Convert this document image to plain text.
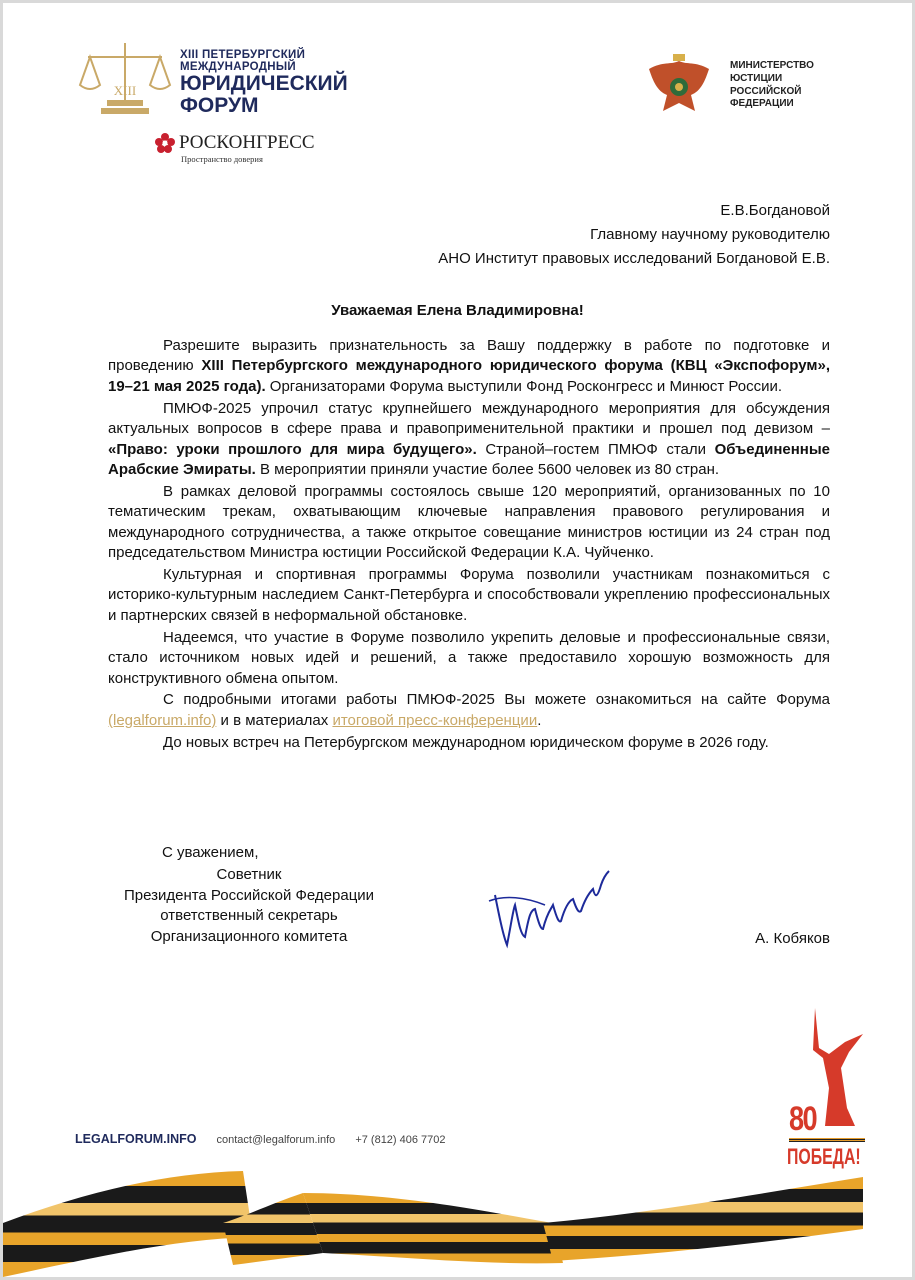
XIII
XIII ПЕТЕРБУРГСКИЙ
МЕЖДУНАРОДНЫЙ
ЮРИДИЧЕСКИЙ
ФОРУМ
РОСКОНГРЕСС
Пространство доверия
МИНИСТЕРСТВО
ЮСТИЦИИ
РОССИЙСКОЙ
ФЕДЕРАЦИИ
Е.В.Богдановой
Главному научному руководителю
АНО Институт правовых исследований Богдановой Е.В.
Уважаемая Елена Владимировна!

Разрешите выразить признательность за Вашу поддержку в работе по подготовке и проведению XIII Петербургского международного юридического форума (КВЦ «Экспофорум», 19–21 мая 2025 года). Организаторами Форума выступили Фонд Росконгресс и Минюст России.

ПМЮФ-2025 упрочил статус крупнейшего международного мероприятия для обсуждения актуальных вопросов в сфере права и правоприменительной практики и прошел под девизом – «Право: уроки прошлого для мира будущего». Страной–гостем ПМЮФ стали Объединенные Арабские Эмираты. В мероприятии приняли участие более 5600 человек из 80 стран.

В рамках деловой программы состоялось свыше 120 мероприятий, организованных по 10 тематическим трекам, охватывающим ключевые направления правового регулирования и международного сотрудничества, а также открытое совещание министров юстиции из 24 стран под председательством Министра юстиции Российской Федерации К.А. Чуйченко.

Культурная и спортивная программы Форума позволили участникам познакомиться с историко-культурным наследием Санкт-Петербурга и способствовали укреплению профессиональных и партнерских связей в неформальной обстановке.

Надеемся, что участие в Форуме позволило укрепить деловые и профессиональные связи, стало источником новых идей и решений, а также предоставило хорошую возможность для конструктивного обмена опытом.

С подробными итогами работы ПМЮФ-2025 Вы можете ознакомиться на сайте Форума (legalforum.info) и в материалах итоговой пресс-конференции.

До новых встреч на Петербургском международном юридическом форуме в 2026 году.

С уважением,
Советник
Президента Российской Федерации
ответственный секретарь
Организационного комитета	А. Кобяков
LEGALFORUM.INFO contact@legalforum.info +7 (812) 406 7702
80
ПОБЕДА!
